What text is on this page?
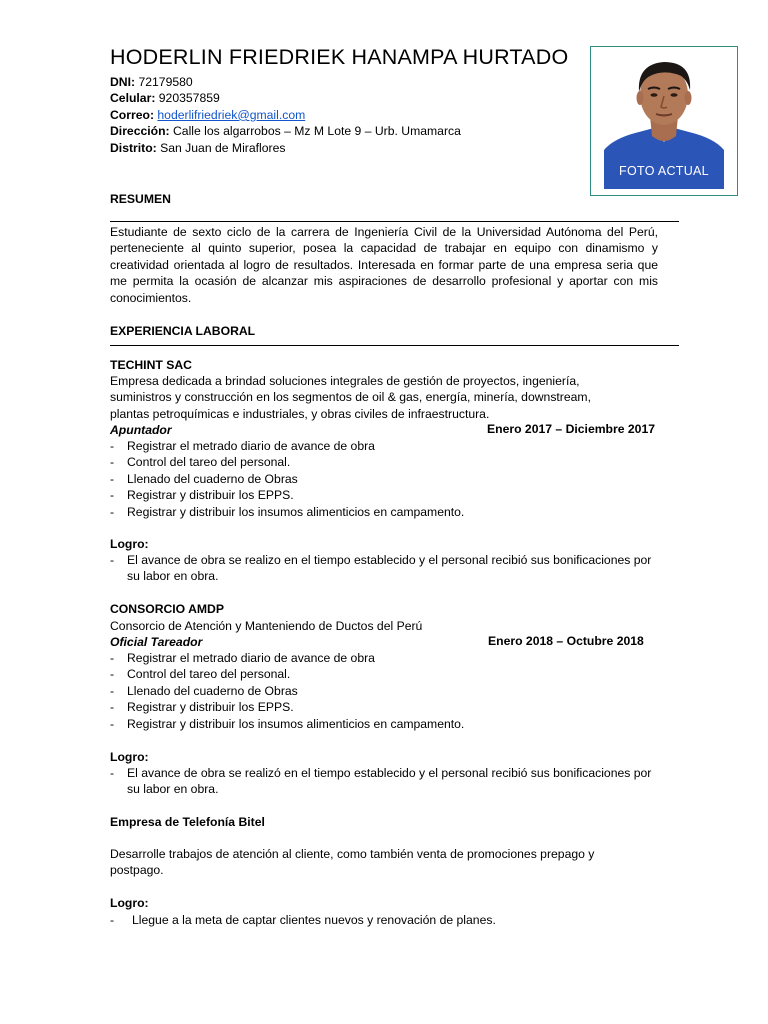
HODERLIN FRIEDRIEK HANAMPA HURTADO
DNI: 72179580
Celular: 920357859
Correo: hoderlifriedriek@gmail.com
Dirección: Calle los algarrobos – Mz M Lote 9 – Urb. Umamarca
Distrito: San Juan de Miraflores
FOTO ACTUAL
RESUMEN
Estudiante de sexto ciclo de la carrera de Ingeniería Civil de la Universidad Autónoma del Perú, perteneciente al quinto superior, posea la capacidad de trabajar en equipo con dinamismo y creatividad orientada al logro de resultados. Interesada en formar parte de una empresa seria que me permita la ocasión de alcanzar mis aspiraciones de desarrollo profesional y aportar con mis conocimientos.
EXPERIENCIA LABORAL
TECHINT SAC
Empresa dedicada a brindad soluciones integrales de gestión de proyectos, ingeniería, suministros y construcción en los segmentos de oil & gas, energía, minería, downstream, plantas petroquímicas e industriales, y obras civiles de infraestructura.
Apuntador	Enero 2017 – Diciembre 2017
- Registrar el metrado diario de avance de obra
- Control del tareo del personal.
- Llenado del cuaderno de Obras
- Registrar y distribuir los EPPS.
- Registrar y distribuir los insumos alimenticios en campamento.
Logro:
- El avance de obra se realizo en el tiempo establecido y el personal recibió sus bonificaciones por su labor en obra.
CONSORCIO AMDP
Consorcio de Atención y Manteniendo de Ductos del Perú
Oficial Tareador	Enero 2018 – Octubre 2018
- Registrar el metrado diario de avance de obra
- Control del tareo del personal.
- Llenado del cuaderno de Obras
- Registrar y distribuir los EPPS.
- Registrar y distribuir los insumos alimenticios en campamento.
Logro:
- El avance de obra se realizó en el tiempo establecido y el personal recibió sus bonificaciones por su labor en obra.
Empresa de Telefonía Bitel
Desarrolle trabajos de atención al cliente, como también venta de promociones prepago y postpago.
Logro:
- Llegue a la meta de captar clientes nuevos y renovación de planes.
